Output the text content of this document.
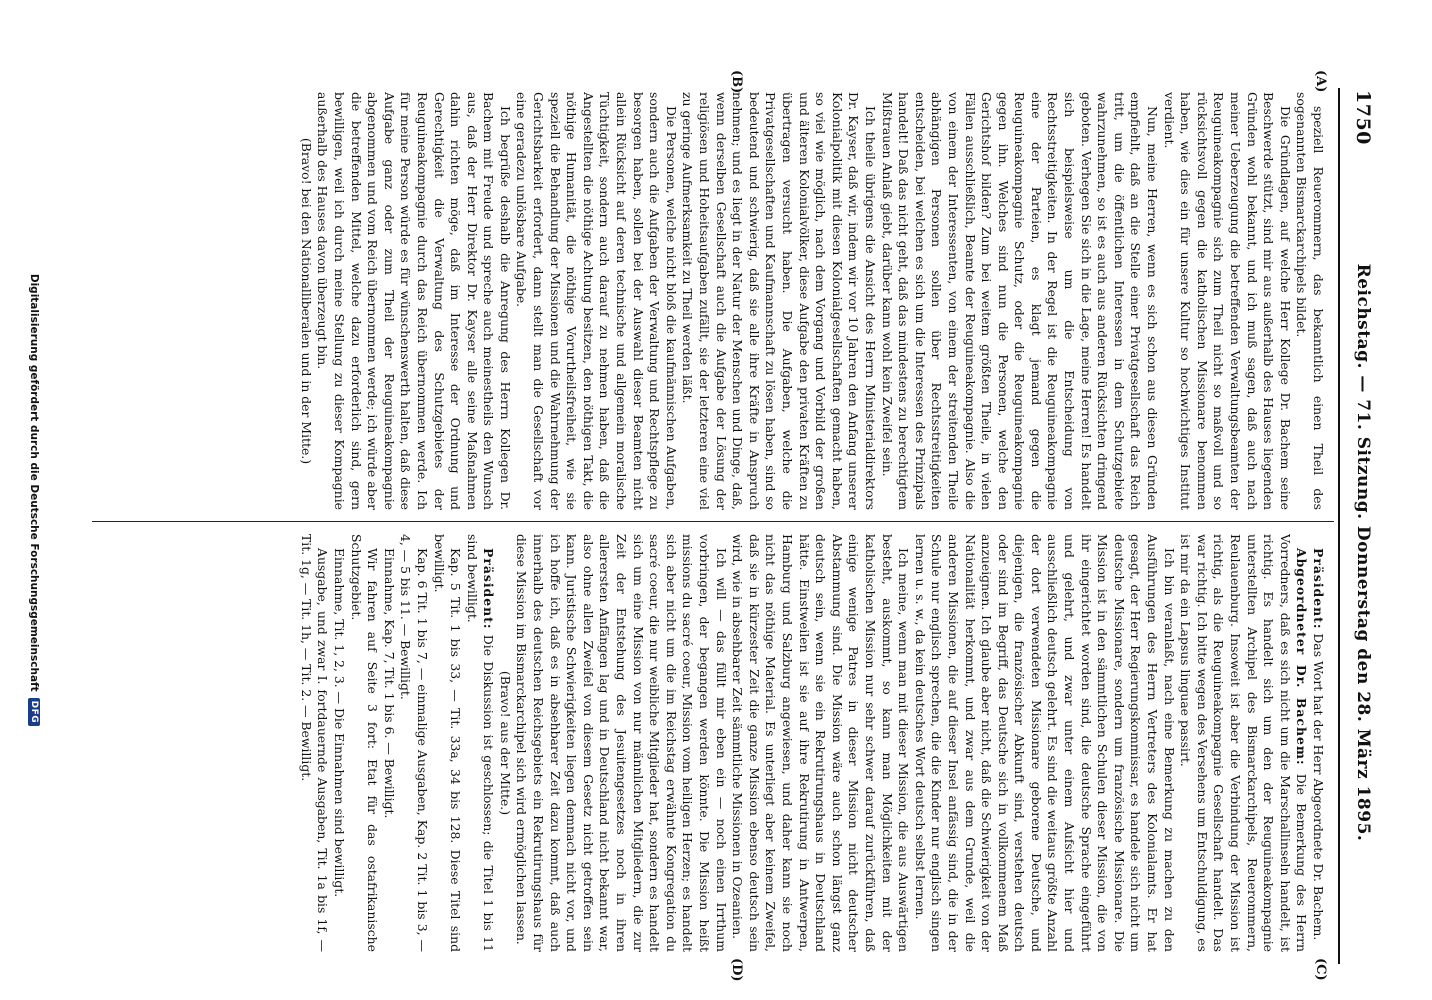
1750
Reichstag. — 71. Sitzung. Donnerstag den 28. März 1895.
(A)
(B)
(C)
(D)

speziell Reuerommern, das bekanntlich einen Theil des sogenannten Bismarckarchipels bildet.

Die Gründlagen, auf welche Herr Kollege Dr. Bachem seine Beschwerde stützt, sind mir aus außerhalb des Hauses liegenden Gründen wohl bekannt, und ich muß sagen, daß auch nach meiner Ueberzeugung die betreffenden Verwaltungsbeamten der Reuguineakompagnie sich zum Theil nicht so maßvoll und so rücksichtsvoll gegen die katholischen Missionare benommen haben, wie dies ein für unsere Kultur so hochwichtiges Institut verdient.

Nun, meine Herren, wenn es sich schon aus diesen Gründen empfiehlt, daß an die Stelle einer Privatgesellschaft das Reich tritt, um die öffentlichen Interessen in dem Schutzgebiete wahrzunehmen, so ist es auch aus anderen Rücksichten dringend geboten. Verhegen Sie sich in die Lage, meine Herren! Es handelt sich beispielsweise um die Entscheidung von Rechtsstreitigkeiten. In der Regel ist die Reuguineakompagnie eine der Parteien, es klagt jemand gegen die Reuguineakompagnie Schutz, oder die Reuguineakompagnie gegen ihn. Welches sind nun die Personen, welche den Gerichtshof bilden? Zum bei weitem größten Theile, in vielen Fällen ausschließlich, Beamte der Reuguineakompagnie. Also die von einem der Interessenten, von einem der streitenden Theile abhängigen Personen sollen über Rechtsstreitigkeiten entscheiden, bei welchen es sich um die Interessen des Prinzipals handelt! Daß das nicht geht, daß das mindestens zu berechtigtem Mißtrauen Anlaß giebt, darüber kann wohl kein Zweifel sein.

Ich theile übrigens die Ansicht des Herrn Ministerialdirektors Dr. Kayser, daß wir, indem wir vor 10 Jahren den Anfang unserer Kolonialpolitik mit diesen Kolonialgesellschaften gemacht haben, so viel wie möglich, nach dem Vorgang und Vorbild der großen und älteren Kolonialvölker, diese Aufgabe den privaten Kräften zu übertragen versucht haben. Die Aufgaben, welche die Privatgesellschaften und Kaufmannschaft zu lösen haben, sind so bedeutend und schwierig, daß sie alle ihre Kräfte in Anspruch nehmen; und es liegt in der Natur der Menschen und Dinge, daß, wenn derselben Gesellschaft auch die Aufgabe der Lösung der religiösen und Hoheitsaufgaben zufällt, sie der letzteren eine viel zu geringe Aufmerksamkeit zu Theil werden läßt.

Die Personen, welche nicht bloß die kaufmännischen Aufgaben, sondern auch die Aufgaben der Verwaltung und Rechtspflege zu besorgen haben, sollen bei der Auswahl dieser Beamten nicht allein Rücksicht auf deren technische und allgemein moralische Tüchtigkeit, sondern auch darauf zu nehmen haben, daß die Angestellten die nöthige Achtung besitzen, den nöthigen Takt, die nöthige Humanität, die nöthige Vorurtheilsfreiheit, wie sie speziell die Behandlung der Missionen und die Wahrnehmung der Gerichtsbarkeit erfordert, dann stellt man die Gesellschaft vor eine geradezu unlösbare Aufgabe.

Ich begrüße deshalb die Anregung des Herrn Kollegen Dr. Bachem mit Freude und spreche auch meinestheils den Wunsch aus, daß der Herr Direktor Dr. Kayser alle seine Maßnahmen dahin richten möge, daß im Interesse der Ordnung und Gerechtigkeit die Verwaltung des Schutzgebietes der Reuguineakompagnie durch das Reich übernommen werde. Ich für meine Person würde es für wünschenswerth halten, daß diese Aufgabe ganz oder zum Theil der Reuguineakompagnie abgenommen und vom Reich übernommen werde; ich würde aber die betreffenden Mittel, welche dazu erforderlich sind, gern bewilligen, weil ich durch meine Stellung zu dieser Kompagnie außerhalb des Hauses davon überzeugt bin.

(Bravo! bei den Nationalliberalen und in der Mitte.)

Präsident: Das Wort hat der Herr Abgeordnete Dr. Bachem.

Abgeordneter Dr. Bachem: Die Bemerkung des Herrn Vorredners, daß es sich nicht um die Marschallinseln handelt, ist richtig. Es handelt sich um den der Reuguineakompagnie unterstellten Archipel des Bismarckarchipels, Reuerommern, Reulauenburg. Insoweit ist aber die Verbindung der Mission ist richtig, als die Reuguineakompagnie Gesellschaft handelt. Das war richtig. Ich bitte wegen des Versehens um Entschuldigung, es ist mir da ein Lapsus linguae passirt.

Ich bin veranlaßt, nach eine Bemerkung zu machen zu den Ausführungen des Herrn Vertreters des Kolonialamts. Er hat gesagt, der Herr Regierungskommissar, es handele sich nicht um deutsche Missionare, sondern um französische Missionare. Die Mission ist in den sämmtlichen Schulen dieser Mission, die von ihr eingerichtet worden sind, die deutsche Sprache eingeführt und gelehrt, und zwar unter einem Aufsicht hier und ausschließlich deutsch gelehrt. Es sind die weitaus größte Anzahl der dort verwendeten Missionare geborene Deutsche, und diejenigen, die französischer Abkunft sind, verstehen deutsch oder sind im Begriff, das Deutsche sich in vollkommenem Maß anzueignen. Ich glaube aber nicht, daß die Schwierigkeit von der Nationalität herkommt, und zwar aus dem Grunde, weil die anderen Missionen, die auf dieser Insel anfässig sind, die in der Schule nur englisch sprechen, die die Kinder nur englisch singen lernen u. s. w., da kein deutsches Wort deutsch selbst lernen.

Ich meine, wenn man mit dieser Mission, die aus Auswärtigen besteht, auskommt, so kann man Möglichkeiten mit der katholischen Mission nur sehr schwer darauf zurückführen, daß einige wenige Patres in dieser Mission nicht deutscher Abstammung sind. Die Mission wäre auch schon längst ganz deutsch sein, wenn sie ein Rekrutirungshaus in Deutschland hätte. Einstweilen ist sie auf ihre Rekrutirung in Antwerpen, Hamburg und Salzburg angewiesen, und daher kann sie noch nicht das nöthige Material. Es unterliegt aber keinem Zweifel, daß sie in kürzester Zeit die ganze Mission ebenso deutsch sein wird, wie in absehbarer Zeit sämmtliche Missionen in Ozeanien.

Ich will — das füllt mir eben ein — noch einen Irrthum vorbringen, der begangen werden könnte. Die Mission heißt missions du sacré coeur, Mission vom heiligen Herzen; es handelt sich aber nicht um die im Reichstag erwähnte Kongregation du sacré coeur, die nur weibliche Mitglieder hat, sondern es handelt sich um eine Mission von nur männlichen Mitgliedern, die zur Zeit der Entstehung des Jesuitengesetzes noch in ihren allerersten Anfängen lag und in Deutschland nicht bekannt war, also ohne allen Zweifel von diesem Gesetz nicht getroffen sein kann. Juristische Schwierigkeiten liegen demnach nicht vor, und ich hoffe ich, daß es in absehbarer Zeit dazu kommt, daß auch innerhalb des deutschen Reichsgebiets ein Rekrutirungshaus für diese Mission im Bismarckarchipel sich wird ermöglichen lassen.

(Bravo! aus der Mitte.)

Präsident: Die Diskussion ist geschlossen; die Titel 1 bis 11 sind bewilligt.

Kap. 5 Tit. 1 bis 33, — Tit. 33a, 34 bis 128. Diese Titel sind bewilligt.

Kap. 6 Tit. 1 bis 7, — einmalige Ausgaben, Kap. 2 Tit. 1 bis 3, — 4, — 5 bis 11. — Bewilligt.

Einnahme, Kap. 7, Tit. 1 bis 6. — Bewilligt.

Wir fahren auf Seite 3 fort: Etat für das ostafrikanische Schutzgebiet.

Einnahme, Tit. 1, 2, 3. — Die Einnahmen sind bewilligt.

Ausgabe, und zwar I. fortdauernde Ausgaben, Tit. 1a bis 1f, — Tit. 1g, — Tit. 1h, — Tit. 2. — Bewilligt.

Digitalisierung gefördert durch die Deutsche Forschungsgemeinschaft
DFG
